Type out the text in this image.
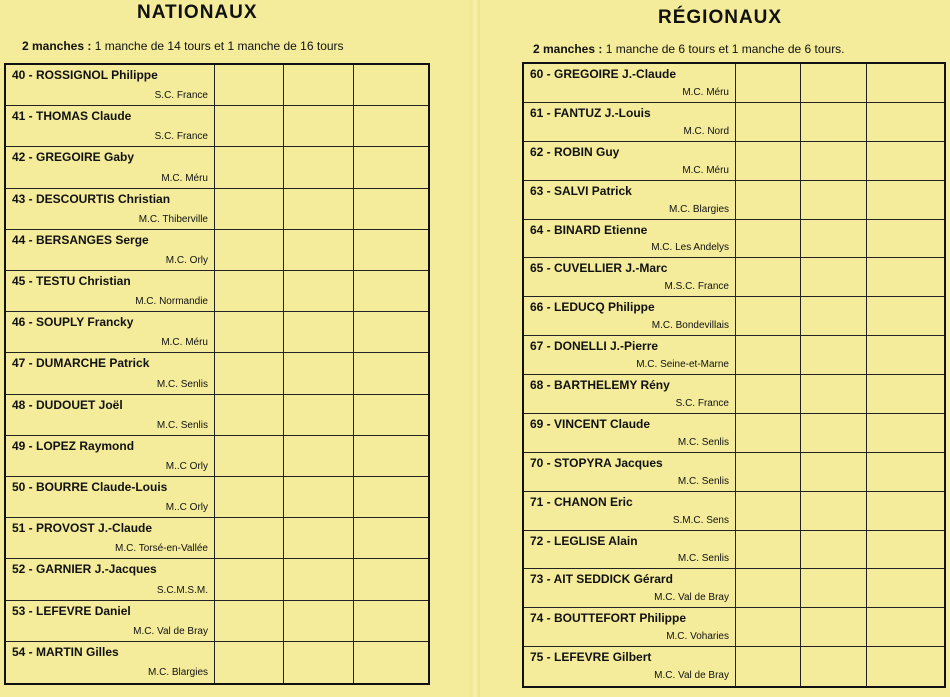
NATIONAUX
2 manches : 1 manche de 14 tours et 1 manche de 16 tours
40 - ROSSIGNOL Philippe
S.C. France
41 - THOMAS Claude
S.C. France
42 - GREGOIRE Gaby
M.C. Méru
43 - DESCOURTIS Christian
M.C. Thiberville
44 - BERSANGES Serge
M.C. Orly
45 - TESTU Christian
M.C. Normandie
46 - SOUPLY Francky
M.C. Méru
47 - DUMARCHE Patrick
M.C. Senlis
48 - DUDOUET Joël
M.C. Senlis
49 - LOPEZ Raymond
M..C Orly
50 - BOURRE Claude-Louis
M..C Orly
51 - PROVOST J.-Claude
M.C. Torsé-en-Vallée
52 - GARNIER J.-Jacques
S.C.M.S.M.
53 - LEFEVRE Daniel
M.C. Val de Bray
54 - MARTIN Gilles
M.C. Blargies
RÉGIONAUX
2 manches : 1 manche de 6 tours et 1 manche de 6 tours.
60 - GREGOIRE J.-Claude
M.C. Méru
61 - FANTUZ J.-Louis
M.C. Nord
62 - ROBIN Guy
M.C. Méru
63 - SALVI Patrick
M.C. Blargies
64 - BINARD Etienne
M.C. Les Andelys
65 - CUVELLIER J.-Marc
M.S.C. France
66 - LEDUCQ Philippe
M.C. Bondevillais
67 - DONELLI J.-Pierre
M.C. Seine-et-Marne
68 - BARTHELEMY Rény
S.C. France
69 - VINCENT Claude
M.C. Senlis
70 - STOPYRA Jacques
M.C. Senlis
71 - CHANON Eric
S.M.C. Sens
72 - LEGLISE Alain
M.C. Senlis
73 - AIT SEDDICK Gérard
M.C. Val de Bray
74 - BOUTTEFORT Philippe
M.C. Voharies
75 - LEFEVRE Gilbert
M.C. Val de Bray
